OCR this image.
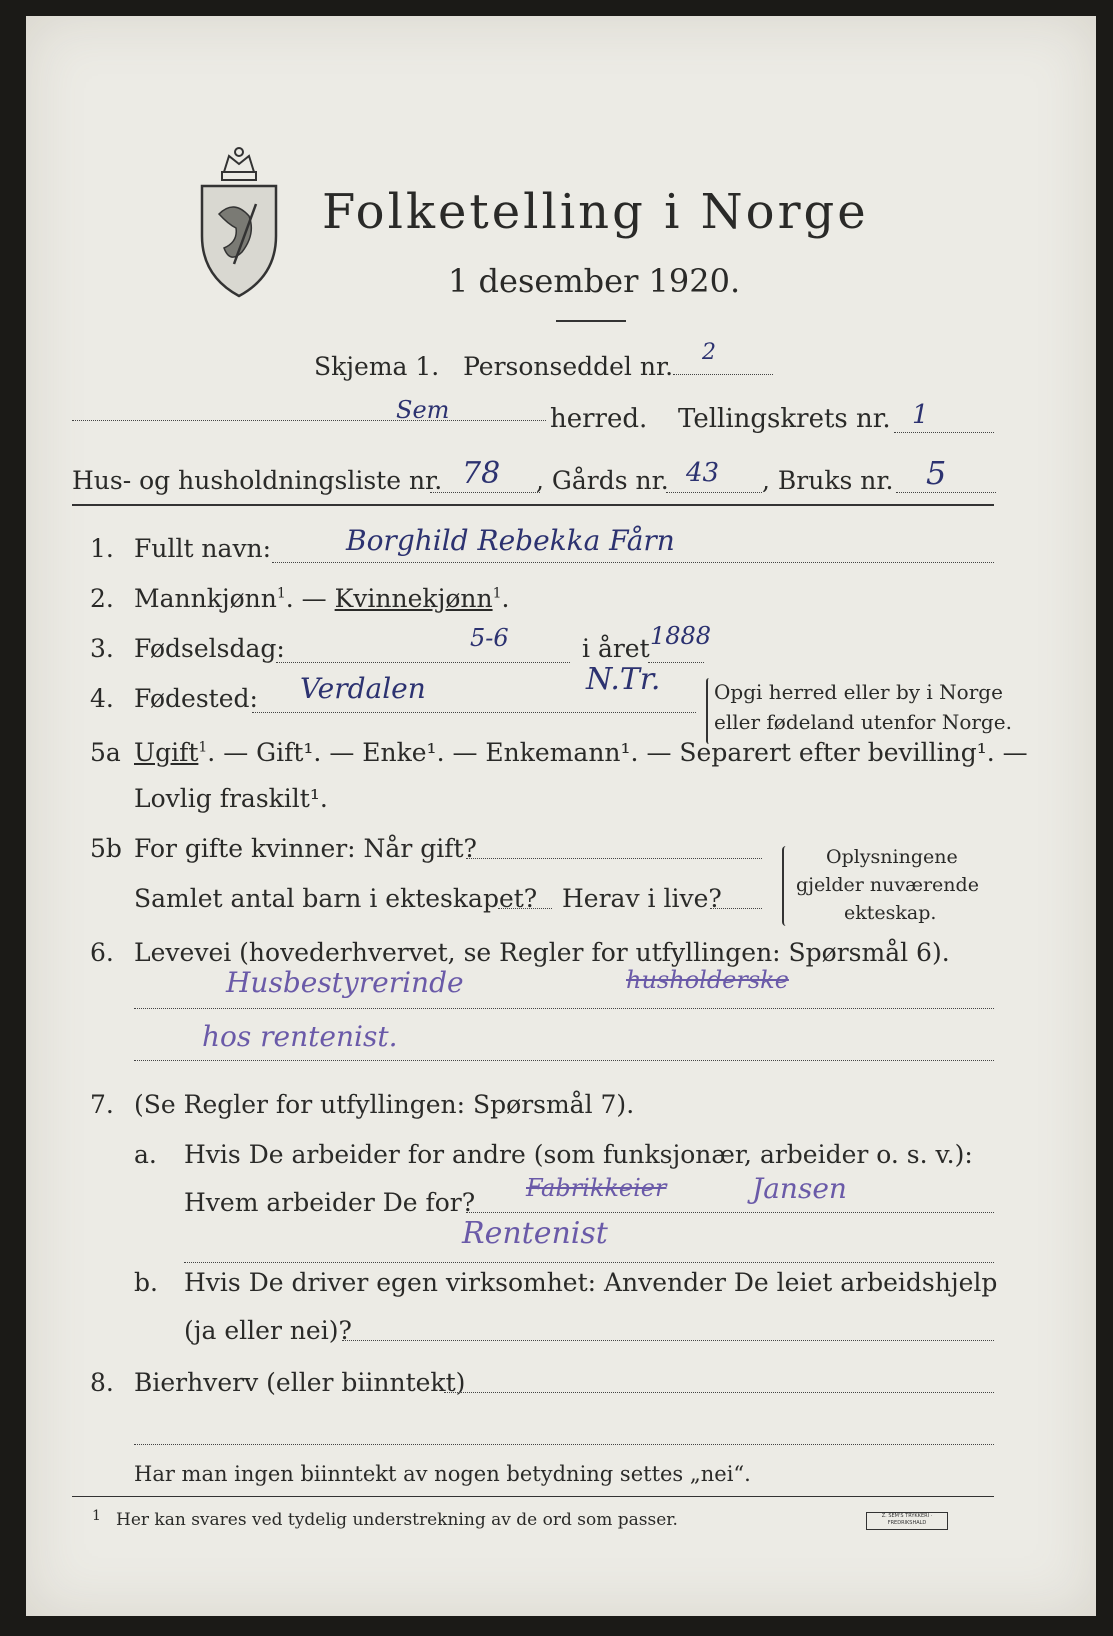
Folketelling i Norge
1 desember 1920.
Skjema 1. Personseddel nr.	2
Sem	herred. Tellingskrets nr. 1
Hus- og husholdningsliste nr. 78 , Gårds nr. 43 , Bruks nr. 5
1. Fullt navn:	Borghild Rebekka Fårn
2. Mannkjønn$^1$. — Kvinnekjønn$^1$.
3. Fødselsdag:	5-6	i året 1888
4. Fødested: Verdalen	N.Tr.	Opgi herred eller by i Norge
eller fødeland utenfor Norge.
5a Ugift$^1$. — Gift¹. — Enke¹. — Enkemann¹. — Separert efter bevilling¹. —
Lovlig fraskilt¹.
5b For gifte kvinner: Når gift?
Samlet antal barn i ekteskapet? Herav i live?
Oplysningene
gjelder nuværende
ekteskap.
6. Levevei (hovederhvervet, se Regler for utfyllingen: Spørsmål 6).
Husbestyrerinde	husholderske
hos rentenist.
7. (Se Regler for utfyllingen: Spørsmål 7).
a. Hvis De arbeider for andre (som funksjonær, arbeider o. s. v.):
Hvem arbeider De for? Fabrikkeier	Jansen
Rentenist
b. Hvis De driver egen virksomhet: Anvender De leiet arbeidshjelp
(ja eller nei)?
8. Bierhverv (eller biinntekt)
Har man ingen biinntekt av nogen betydning settes „nei“.
1 Her kan svares ved tydelig understrekning av de ord som passer.	Z. SEM'S TRYKKERI · FREDRIKSHALD
